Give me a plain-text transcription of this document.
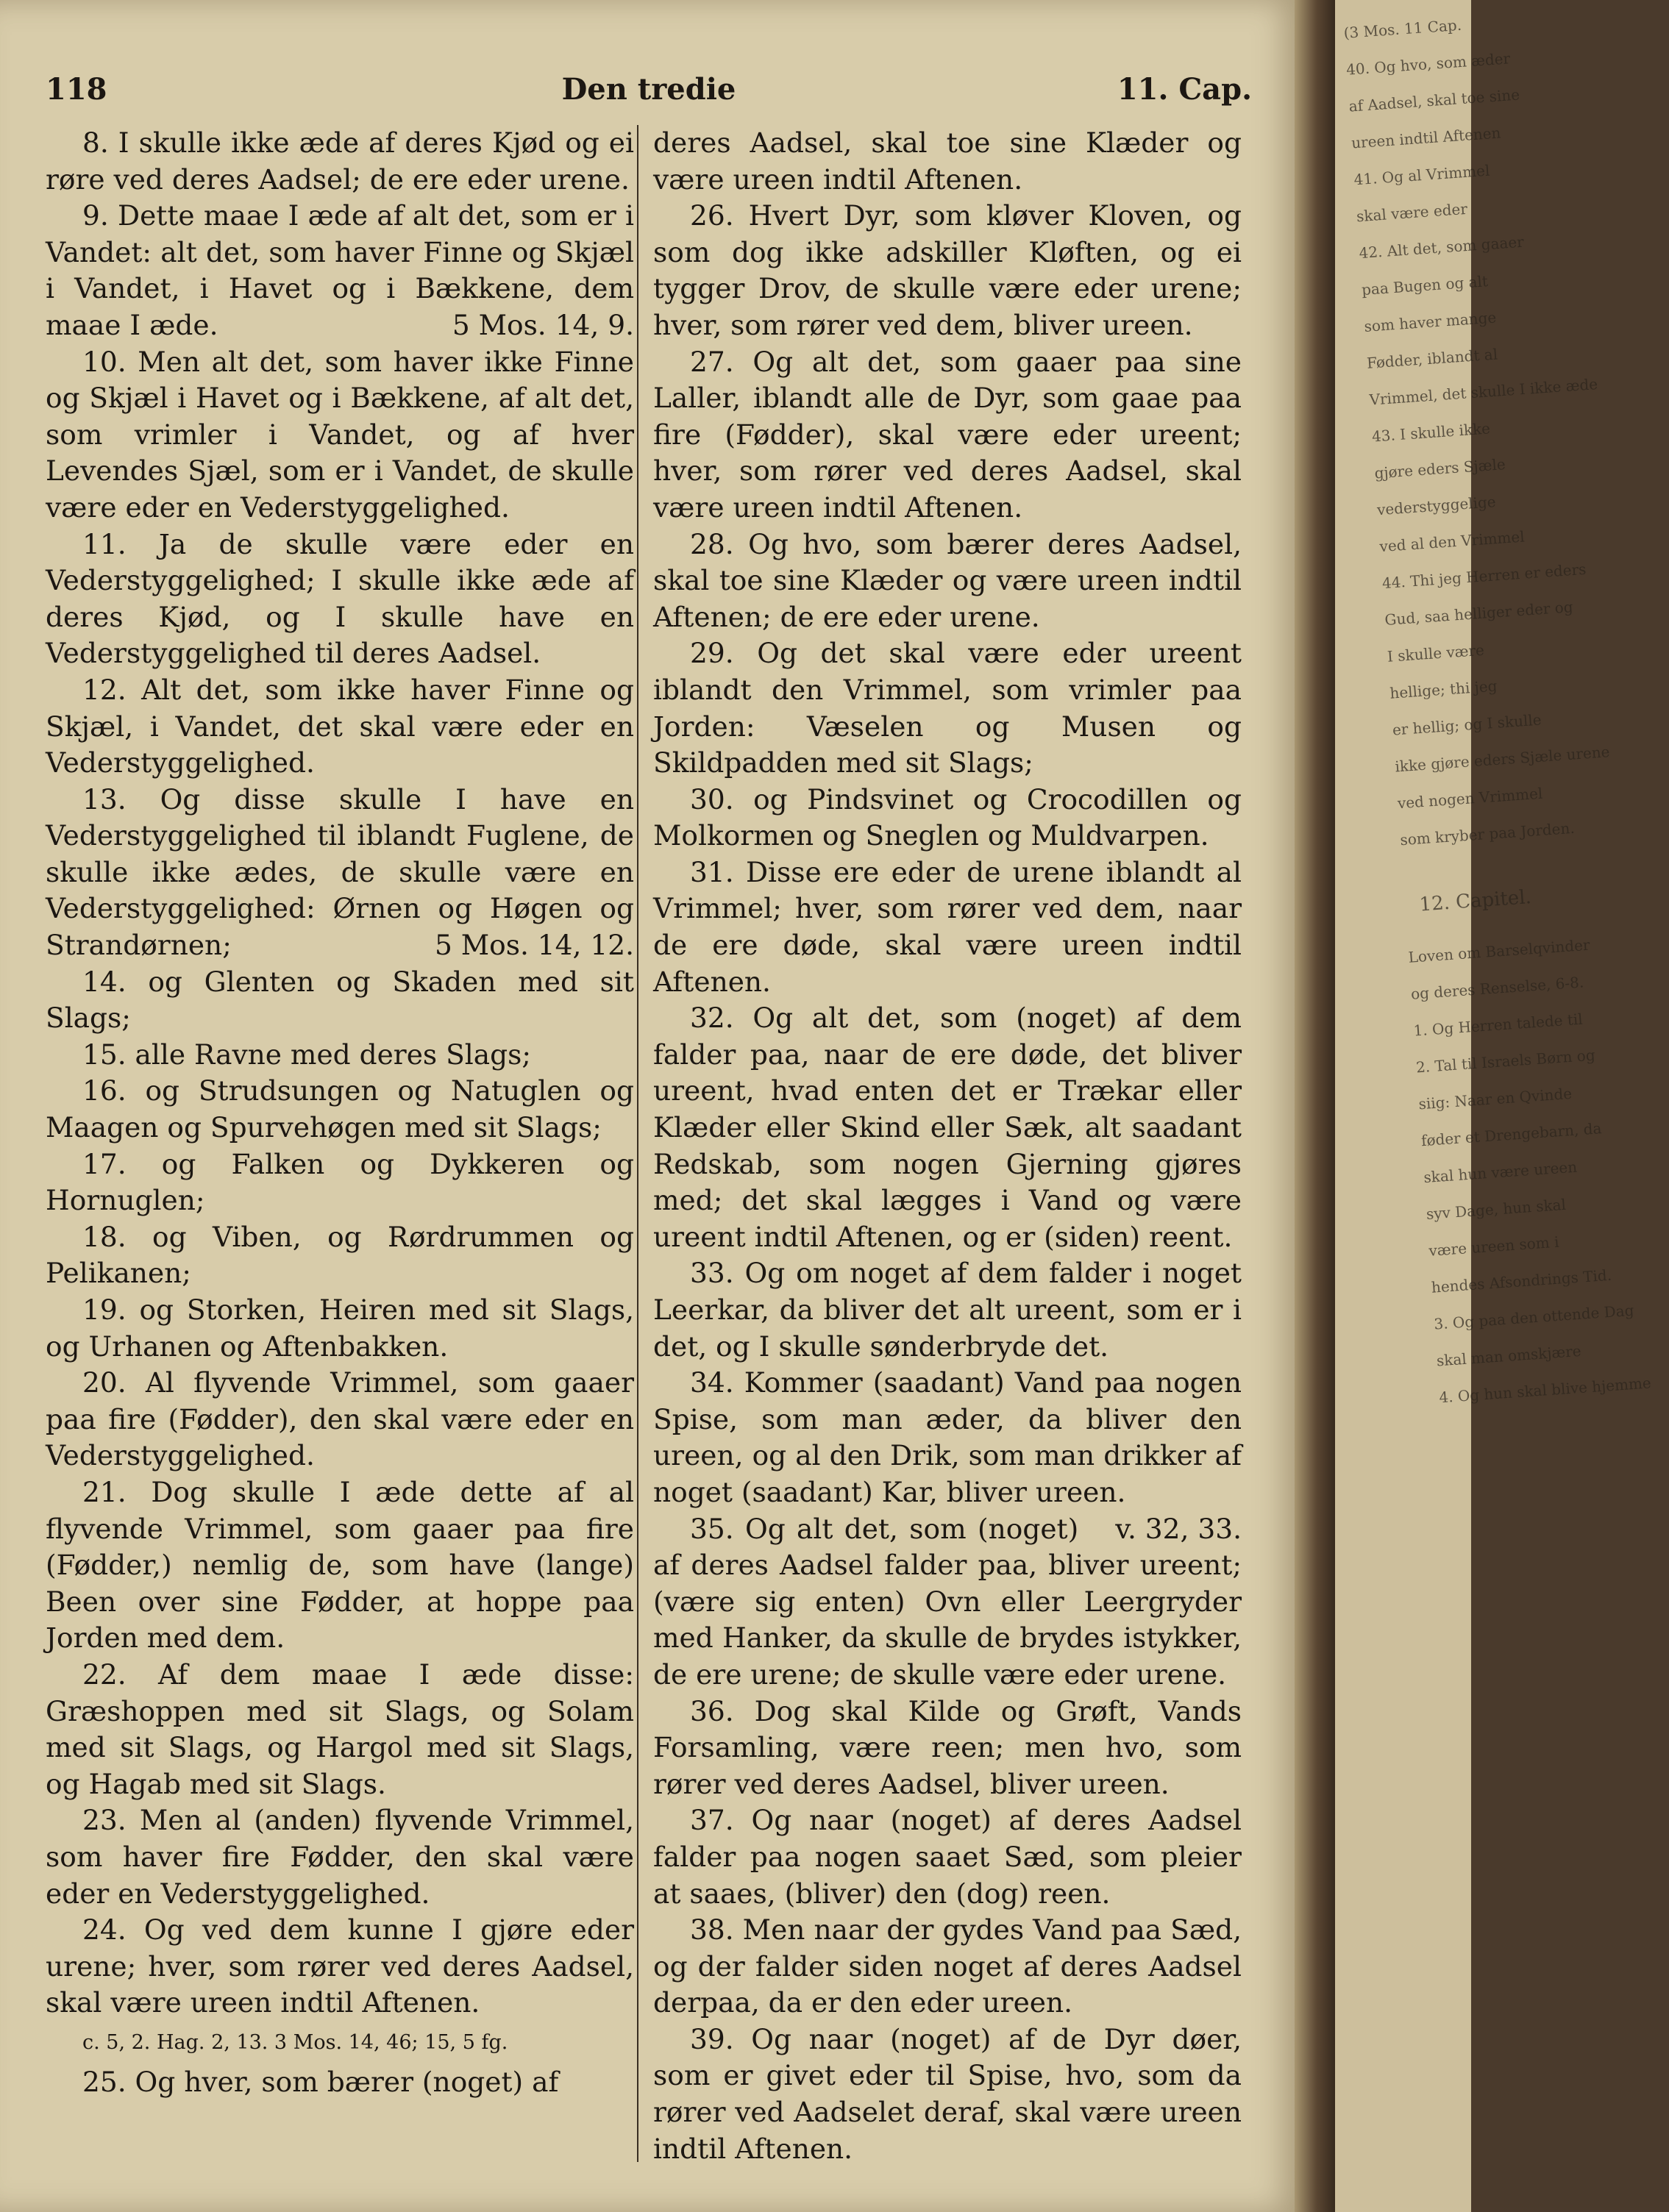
118	Den tredie	11. Cap.

8. I skulle ikke æde af deres Kjød og ei røre ved deres Aadsel; de ere eder urene.

9. Dette maae I æde af alt det, som er i Vandet: alt det, som haver Finne og Skjæl i Vandet, i Havet og i Bækkene, dem maae I æde.	5 Mos. 14, 9.

10. Men alt det, som haver ikke Finne og Skjæl i Havet og i Bækkene, af alt det, som vrimler i Vandet, og af hver Levendes Sjæl, som er i Vandet, de skulle være eder en Vederstyggelighed.

11. Ja de skulle være eder en Vederstyggelighed; I skulle ikke æde af deres Kjød, og I skulle have en Vederstyggelighed til deres Aadsel.

12. Alt det, som ikke haver Finne og Skjæl, i Vandet, det skal være eder en Vederstyggelighed.

13. Og disse skulle I have en Vederstyggelighed til iblandt Fuglene, de skulle ikke ædes, de skulle være en Vederstyggelighed: Ørnen og Høgen og Strandørnen;	5 Mos. 14, 12.

14. og Glenten og Skaden med sit Slags;

15. alle Ravne med deres Slags;

16. og Strudsungen og Natuglen og Maagen og Spurvehøgen med sit Slags;

17. og Falken og Dykkeren og Hornuglen;

18. og Viben, og Rørdrummen og Pelikanen;

19. og Storken, Heiren med sit Slags, og Urhanen og Aftenbakken.

20. Al flyvende Vrimmel, som gaaer paa fire (Fødder), den skal være eder en Vederstyggelighed.

21. Dog skulle I æde dette af al flyvende Vrimmel, som gaaer paa fire (Fødder,) nemlig de, som have (lange) Been over sine Fødder, at hoppe paa Jorden med dem.

22. Af dem maae I æde disse: Græshoppen med sit Slags, og Solam med sit Slags, og Hargol med sit Slags, og Hagab med sit Slags.

23. Men al (anden) flyvende Vrimmel, som haver fire Fødder, den skal være eder en Vederstyggelighed.

24. Og ved dem kunne I gjøre eder urene; hver, som rører ved deres Aadsel, skal være ureen indtil Aftenen.

c. 5, 2. Hag. 2, 13. 3 Mos. 14, 46; 15, 5 fg.

25. Og hver, som bærer (noget) af

deres Aadsel, skal toe sine Klæder og være ureen indtil Aftenen.

26. Hvert Dyr, som kløver Kloven, og som dog ikke adskiller Kløften, og ei tygger Drov, de skulle være eder urene; hver, som rører ved dem, bliver ureen.

27. Og alt det, som gaaer paa sine Laller, iblandt alle de Dyr, som gaae paa fire (Fødder), skal være eder ureent; hver, som rører ved deres Aadsel, skal være ureen indtil Aftenen.

28. Og hvo, som bærer deres Aadsel, skal toe sine Klæder og være ureen indtil Aftenen; de ere eder urene.

29. Og det skal være eder ureent iblandt den Vrimmel, som vrimler paa Jorden: Væselen og Musen og Skildpadden med sit Slags;

30. og Pindsvinet og Crocodillen og Molkormen og Sneglen og Muldvarpen.

31. Disse ere eder de urene iblandt al Vrimmel; hver, som rører ved dem, naar de ere døde, skal være ureen indtil Aftenen.

32. Og alt det, som (noget) af dem falder paa, naar de ere døde, det bliver ureent, hvad enten det er Trækar eller Klæder eller Skind eller Sæk, alt saadant Redskab, som nogen Gjerning gjøres med; det skal lægges i Vand og være ureent indtil Aftenen, og er (siden) reent.

33. Og om noget af dem falder i noget Leerkar, da bliver det alt ureent, som er i det, og I skulle sønderbryde det.

34. Kommer (saadant) Vand paa nogen Spise, som man æder, da bliver den ureen, og al den Drik, som man drikker af noget (saadant) Kar, bliver ureen.
v. 32, 33.

35. Og alt det, som (noget) af deres Aadsel falder paa, bliver ureent; (være sig enten) Ovn eller Leergryder med Hanker, da skulle de brydes istykker, de ere urene; de skulle være eder urene.

36. Dog skal Kilde og Grøft, Vands Forsamling, være reen; men hvo, som rører ved deres Aadsel, bliver ureen.

37. Og naar (noget) af deres Aadsel falder paa nogen saaet Sæd, som pleier at saaes, (bliver) den (dog) reen.

38. Men naar der gydes Vand paa Sæd, og der falder siden noget af deres Aadsel derpaa, da er den eder ureen.

39. Og naar (noget) af de Dyr døer, som er givet eder til Spise, hvo, som da rører ved Aadselet deraf, skal være ureen indtil Aftenen.

(3 Mos. 11 Cap.
40. Og hvo, som æder
af Aadsel, skal toe sine
ureen indtil Aftenen
41. Og al Vrimmel
skal være eder
42. Alt det, som gaaer
paa Bugen og alt
som haver mange
Fødder, iblandt al
Vrimmel, det skulle I ikke æde
43. I skulle ikke
gjøre eders Sjæle
vederstyggelige
ved al den Vrimmel
44. Thi jeg Herren er eders
Gud, saa helliger eder og
I skulle være
hellige; thi jeg
er hellig; og I skulle
ikke gjøre eders Sjæle urene
ved nogen Vrimmel
som kryber paa Jorden.
12. Capitel.
Loven om Barselqvinder
og deres Renselse, 6-8.
1. Og Herren talede til
2. Tal til Israels Børn og
siig: Naar en Qvinde
føder et Drengebarn, da
skal hun være ureen
syv Dage, hun skal
være ureen som i
hendes Afsondrings Tid.
3. Og paa den ottende Dag
skal man omskjære
4. Og hun skal blive hjemme
